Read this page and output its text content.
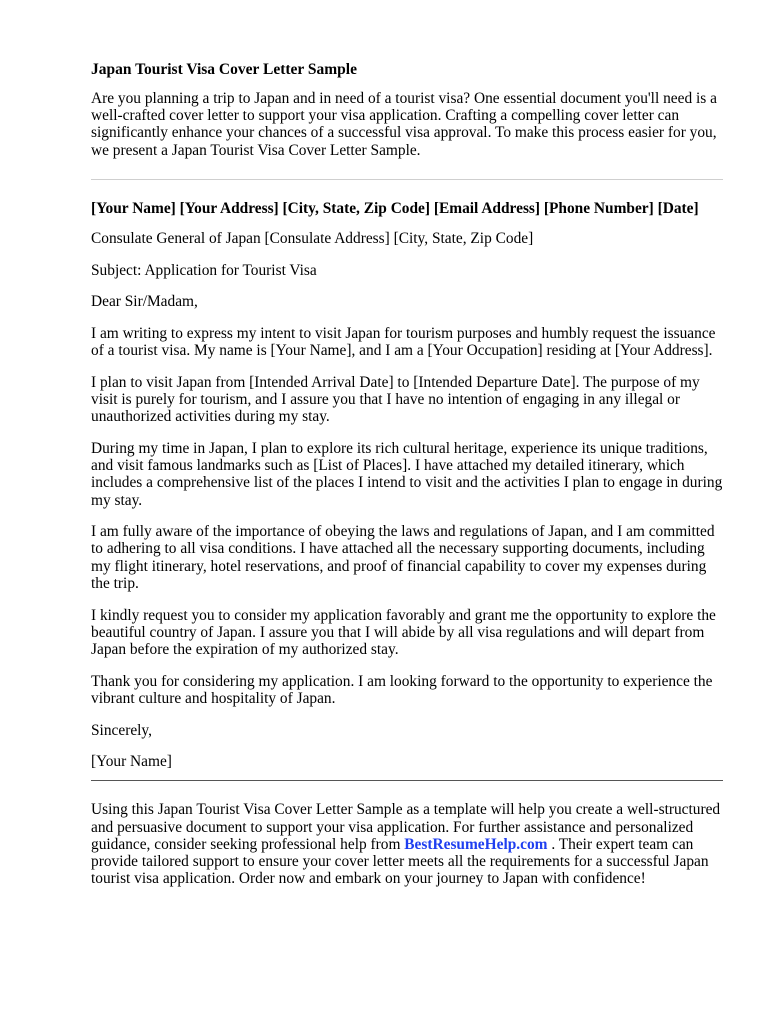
Japan Tourist Visa Cover Letter Sample

Are you planning a trip to Japan and in need of a tourist visa? One essential document you'll need is a well-crafted cover letter to support your visa application. Crafting a compelling cover letter can significantly enhance your chances of a successful visa approval. To make this process easier for you, we present a Japan Tourist Visa Cover Letter Sample.

[Your Name] [Your Address] [City, State, Zip Code] [Email Address] [Phone Number] [Date]

Consulate General of Japan [Consulate Address] [City, State, Zip Code]

Subject: Application for Tourist Visa

Dear Sir/Madam,

I am writing to express my intent to visit Japan for tourism purposes and humbly request the issuance of a tourist visa. My name is [Your Name], and I am a [Your Occupation] residing at [Your Address].

I plan to visit Japan from [Intended Arrival Date] to [Intended Departure Date]. The purpose of my visit is purely for tourism, and I assure you that I have no intention of engaging in any illegal or unauthorized activities during my stay.

During my time in Japan, I plan to explore its rich cultural heritage, experience its unique traditions, and visit famous landmarks such as [List of Places]. I have attached my detailed itinerary, which includes a comprehensive list of the places I intend to visit and the activities I plan to engage in during my stay.

I am fully aware of the importance of obeying the laws and regulations of Japan, and I am committed to adhering to all visa conditions. I have attached all the necessary supporting documents, including my flight itinerary, hotel reservations, and proof of financial capability to cover my expenses during the trip.

I kindly request you to consider my application favorably and grant me the opportunity to explore the beautiful country of Japan. I assure you that I will abide by all visa regulations and will depart from Japan before the expiration of my authorized stay.

Thank you for considering my application. I am looking forward to the opportunity to experience the vibrant culture and hospitality of Japan.

Sincerely,

[Your Name]

Using this Japan Tourist Visa Cover Letter Sample as a template will help you create a well-structured and persuasive document to support your visa application. For further assistance and personalized guidance, consider seeking professional help from BestResumeHelp.com . Their expert team can provide tailored support to ensure your cover letter meets all the requirements for a successful Japan tourist visa application. Order now and embark on your journey to Japan with confidence!
